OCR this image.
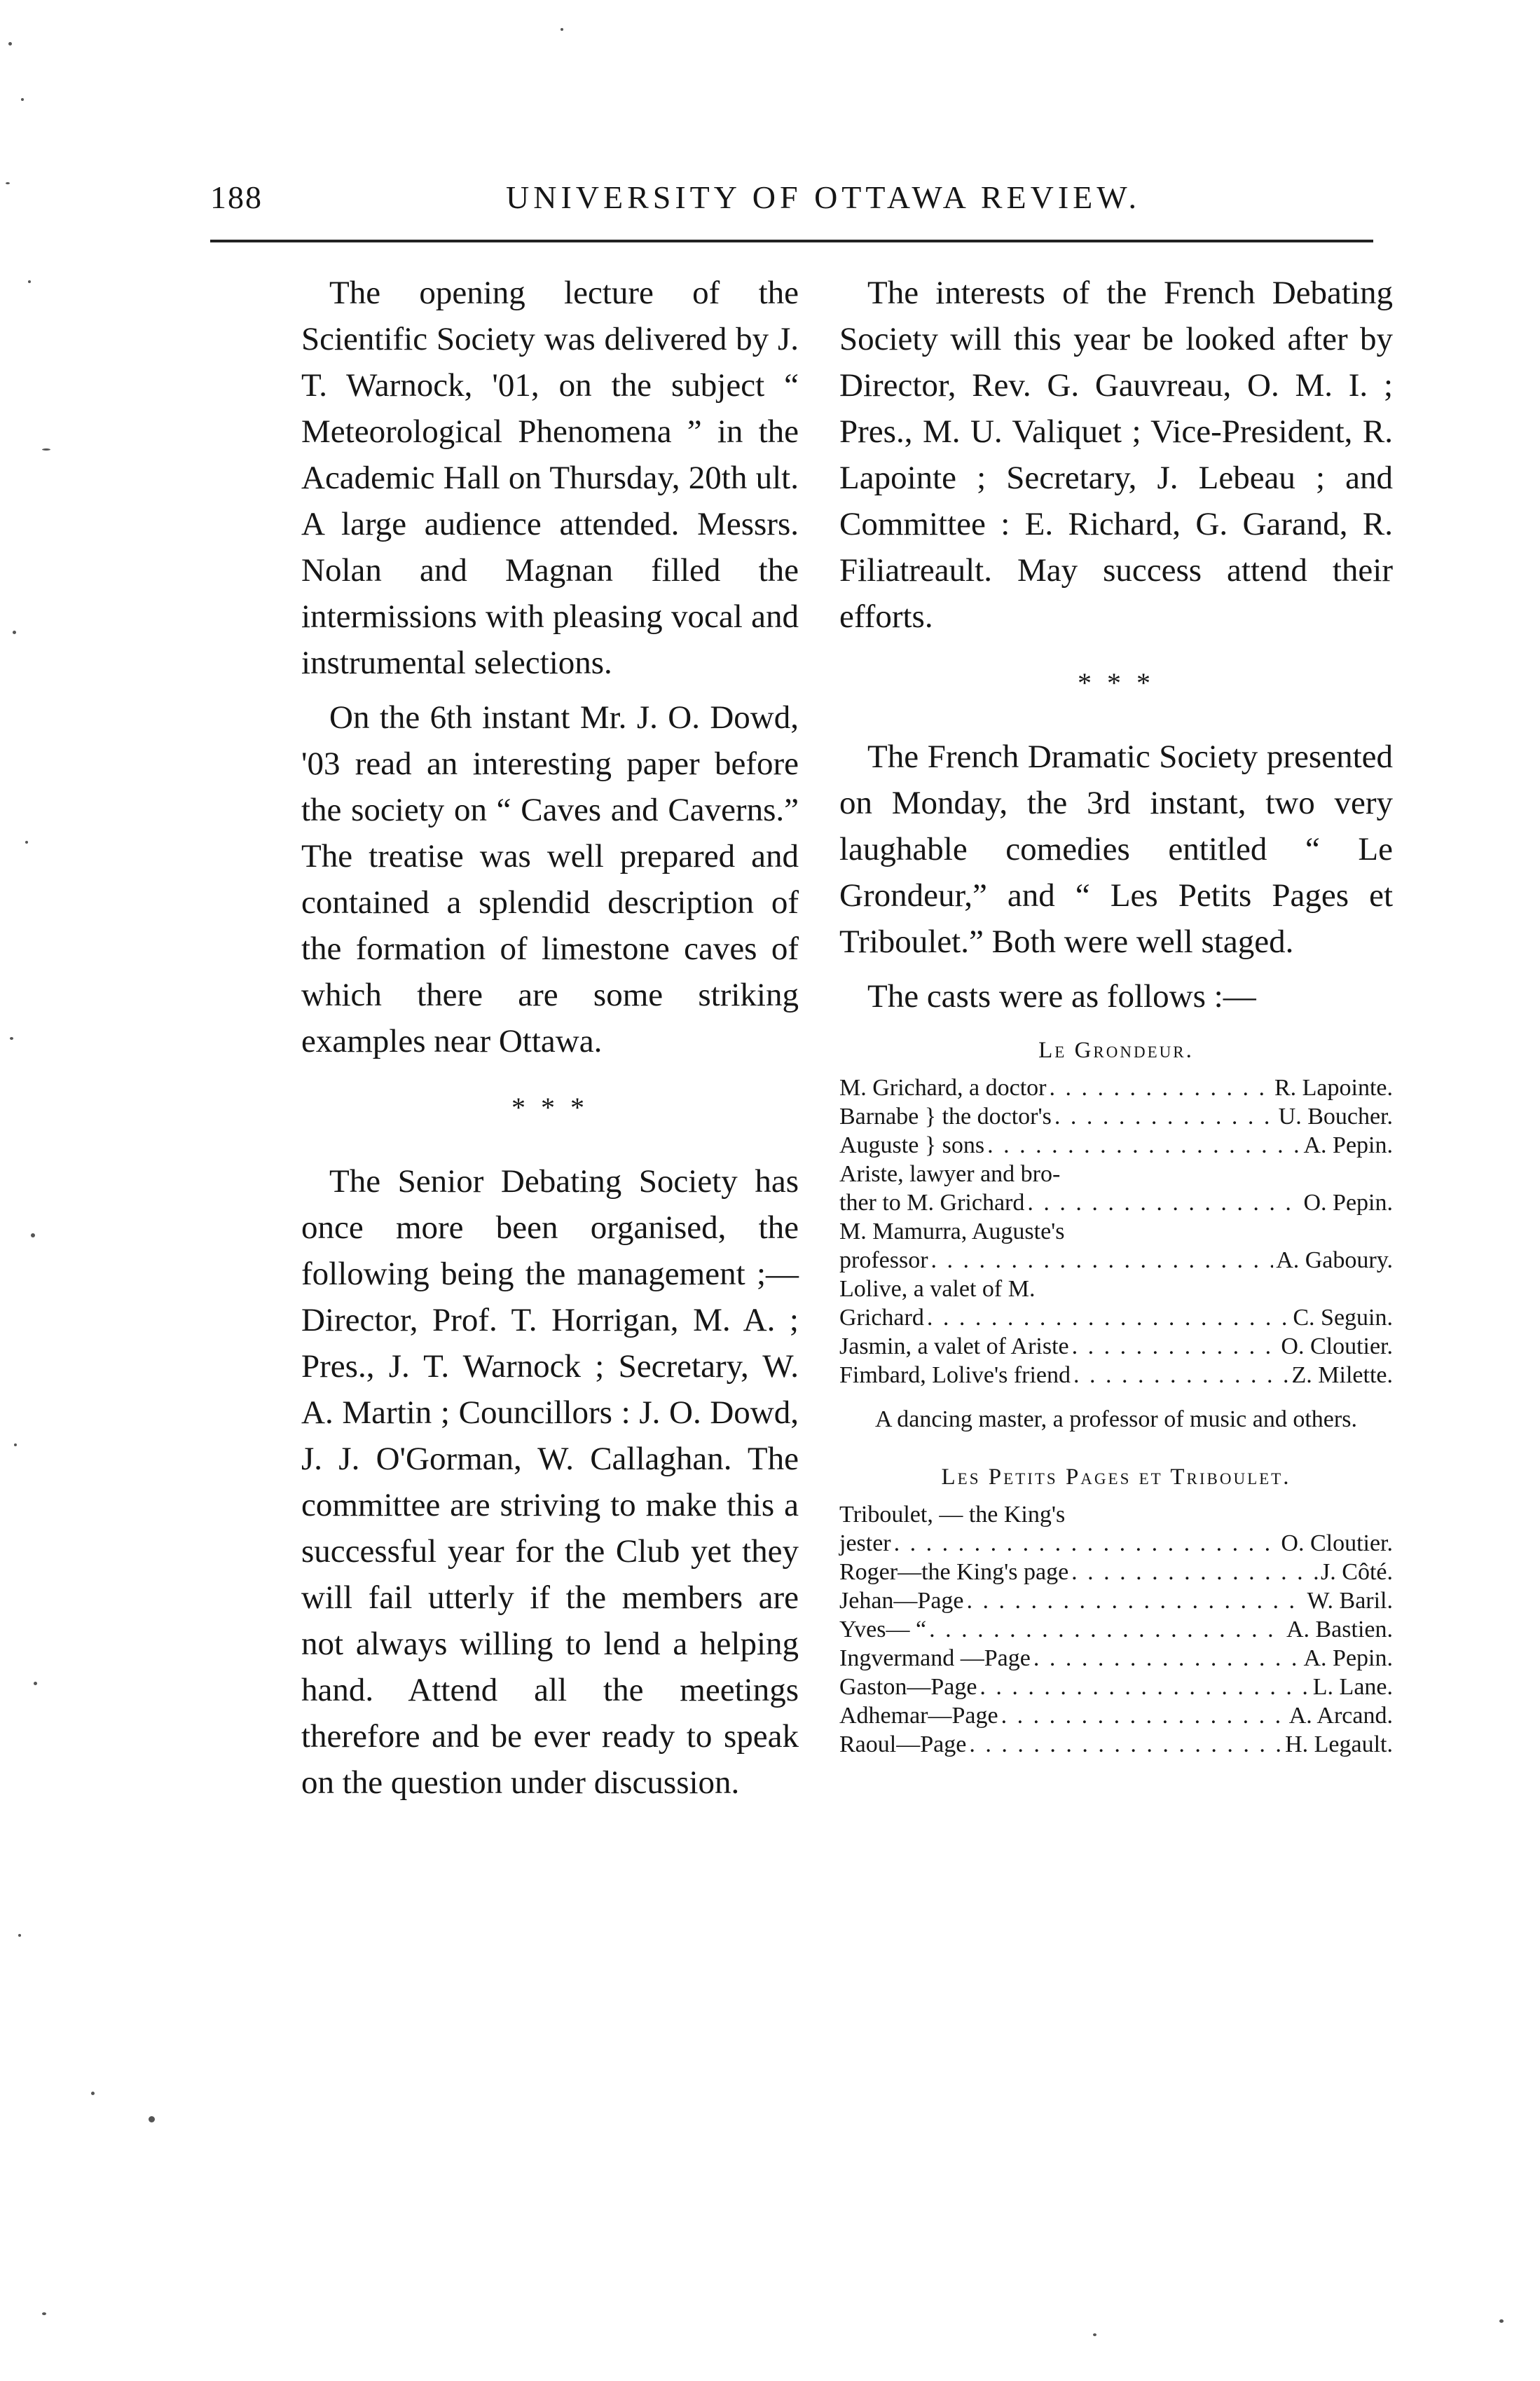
188	UNIVERSITY OF OTTAWA REVIEW.

The opening lecture of the Scientific Society was delivered by J. T. Warnock, '01, on the subject “ Meteorological Phenomena ” in the Academic Hall on Thursday, 20th ult. A large audience attended. Messrs. Nolan and Magnan filled the intermissions with pleasing vocal and instrumental selections.

On the 6th instant Mr. J. O. Dowd, '03 read an interesting paper before the society on “ Caves and Caverns.” The treatise was well prepared and contained a splendid description of the formation of limestone caves of which there are some striking examples near Ottawa.

* * *

The Senior Debating Society has once more been organised, the following being the management ;—Director, Prof. T. Horrigan, M. A. ; Pres., J. T. Warnock ; Secretary, W. A. Martin ; Councillors : J. O. Dowd, J. J. O'Gorman, W. Callaghan. The committee are striving to make this a successful year for the Club yet they will fail utterly if the members are not always willing to lend a helping hand. Attend all the meetings therefore and be ever ready to speak on the question under discussion.

The interests of the French Debating Society will this year be looked after by Director, Rev. G. Gauvreau, O. M. I. ; Pres., M. U. Valiquet ; Vice-President, R. Lapointe ; Secretary, J. Lebeau ; and Committee : E. Richard, G. Garand, R. Filiatreault. May success attend their efforts.

* * *

The French Dramatic Society presented on Monday, the 3rd instant, two very laughable comedies entitled “ Le Grondeur,” and “ Les Petits Pages et Triboulet.” Both were well staged.

The casts were as follows :—

Le Grondeur.
M. Grichard, a doctor . . .	R. Lapointe.
Barnabe } the doctor's . . .	U. Boucher.
Auguste } sons . . .	A. Pepin.
Ariste, lawyer and bro-
ther to M. Grichard . . .	O. Pepin.
M. Mamurra, Auguste's
professor . . .	A. Gaboury.
Lolive, a valet of M.
Grichard . . .	C. Seguin.
Jasmin, a valet of Ariste . . .	O. Cloutier.
Fimbard, Lolive's friend . . .	Z. Milette.

A dancing master, a professor of music and others.

Les Petits Pages et Triboulet.
Triboulet, — the King's
jester . . .	O. Cloutier.
Roger—the King's page . . .	J. Côté.
Jehan—Page . . .	W. Baril.
Yves— “ . . .	A. Bastien.
Ingvermand —Page . . .	A. Pepin.
Gaston—Page . . .	L. Lane.
Adhemar—Page . . .	A. Arcand.
Raoul—Page . . .	H. Legault.
